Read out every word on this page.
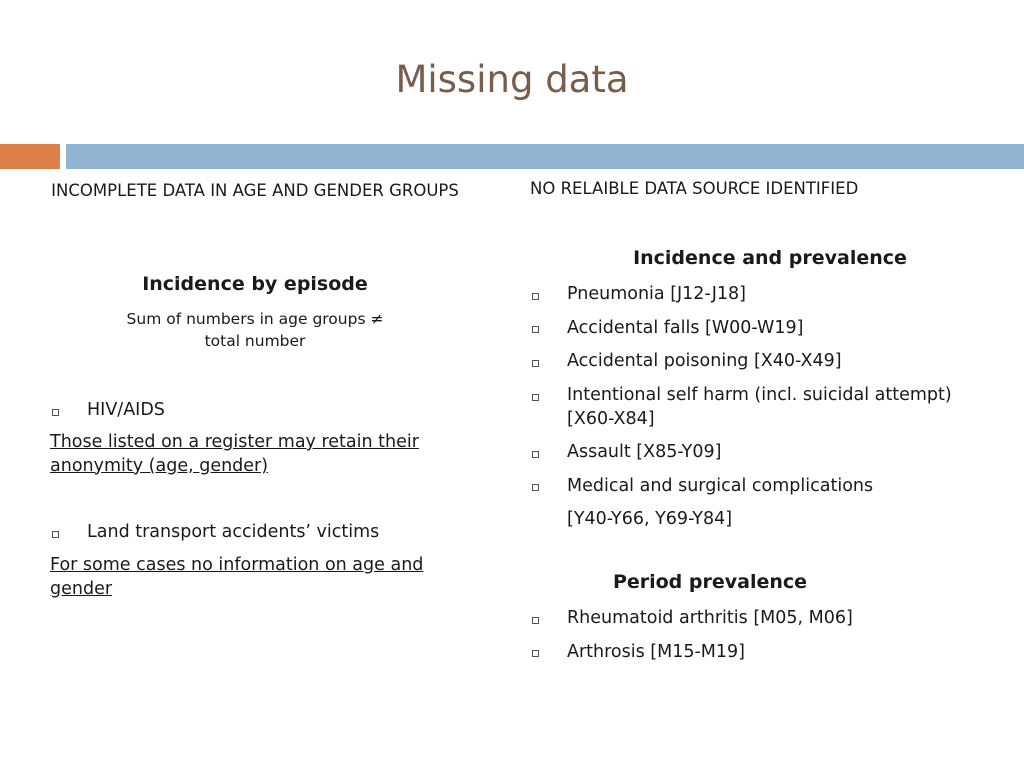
Missing data
INCOMPLETE DATA IN AGE AND GENDER GROUPS
Incidence by episode
Sum of numbers in age groups ≠
total number
HIV/AIDS
Those listed on a register may retain their anonymity (age, gender)
Land transport accidents’ victims
For some cases no information on age and gender
NO RELAIBLE DATA SOURCE IDENTIFIED
Incidence and prevalence
Pneumonia [J12-J18]
Accidental falls [W00-W19]
Accidental poisoning [X40-X49]
Intentional self harm (incl. suicidal attempt) [X60-X84]
Assault [X85-Y09]
Medical and surgical complications
[Y40-Y66, Y69-Y84]
Period prevalence
Rheumatoid arthritis [M05, M06]
Arthrosis [M15-M19]
